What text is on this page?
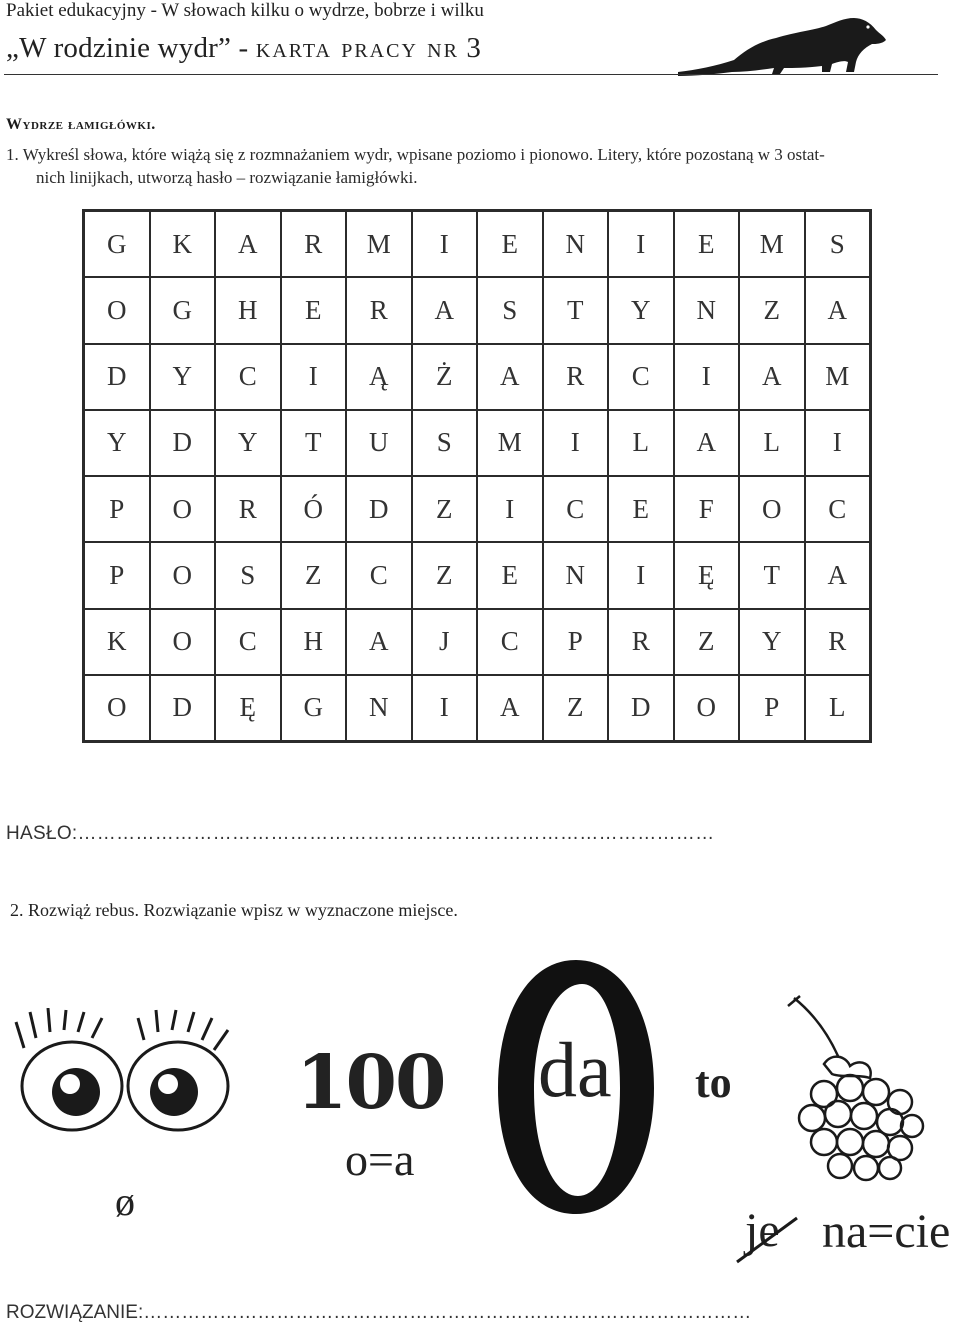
Pakiet edukacyjny - W słowach kilku o wydrze, bobrze i wilku
„W rodzinie wydr” - karta pracy nr 3
Wydrze łamigłówki.
1. Wykreśl słowa, które wiążą się z rozmnażaniem wydr, wpisane poziomo i pionowo. Litery, które pozostaną w 3 ostat-

nich linijkach, utworzą hasło – rozwiązanie łamigłówki.
G	K	A	R	M	I	E	N	I	E	M	S
O	G	H	E	R	A	S	T	Y	N	Z	A
D	Y	C	I	Ą	Ż	A	R	C	I	A	M
Y	D	Y	T	U	S	M	I	L	A	L	I
P	O	R	Ó	D	Z	I	C	E	F	O	C
P	O	S	Z	C	Z	E	N	I	Ę	T	A
K	O	C	H	A	J	C	P	R	Z	Y	R
O	D	Ę	G	N	I	A	Z	D	O	P	L
HASŁO:………………………………………………………………………………………
2. Rozwiąż rebus. Rozwiązanie wpisz w wyznaczone miejsce.
ø
100
o=a
da to
je na=cie
ROZWIĄZANIE:……………………………………………………………………………………
